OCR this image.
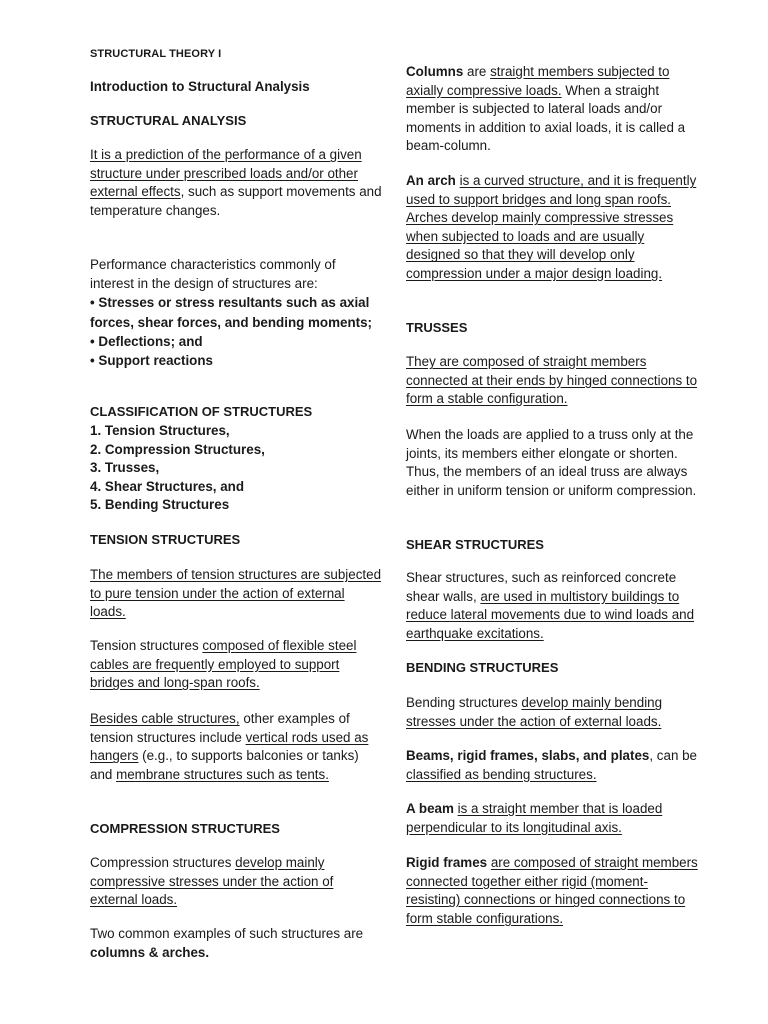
STRUCTURAL THEORY I

Introduction to Structural Analysis

STRUCTURAL ANALYSIS

It is a prediction of the performance of a given structure under prescribed loads and/or other external effects, such as support movements and temperature changes.

Performance characteristics commonly of interest in the design of structures are:

• Stresses or stress resultants such as axial forces, shear forces, and bending moments;

• Deflections; and

• Support reactions

CLASSIFICATION OF STRUCTURES

1. Tension Structures,

2. Compression Structures,

3. Trusses,

4. Shear Structures, and

5. Bending Structures

TENSION STRUCTURES

The members of tension structures are subjected to pure tension under the action of external loads.

Tension structures composed of flexible steel cables are frequently employed to support bridges and long-span roofs.

Besides cable structures, other examples of tension structures include vertical rods used as hangers (e.g., to supports balconies or tanks) and membrane structures such as tents.

COMPRESSION STRUCTURES

Compression structures develop mainly compressive stresses under the action of external loads.

Two common examples of such structures are columns & arches.

Columns are straight members subjected to axially compressive loads. When a straight member is subjected to lateral loads and/or moments in addition to axial loads, it is called a beam-column.

An arch is a curved structure, and it is frequently used to support bridges and long span roofs. Arches develop mainly compressive stresses when subjected to loads and are usually designed so that they will develop only compression under a major design loading.

TRUSSES

They are composed of straight members connected at their ends by hinged connections to form a stable configuration.

When the loads are applied to a truss only at the joints, its members either elongate or shorten. Thus, the members of an ideal truss are always either in uniform tension or uniform compression.

SHEAR STRUCTURES

Shear structures, such as reinforced concrete shear walls, are used in multistory buildings to reduce lateral movements due to wind loads and earthquake excitations.

BENDING STRUCTURES

Bending structures develop mainly bending stresses under the action of external loads.

Beams, rigid frames, slabs, and plates, can be classified as bending structures.

A beam is a straight member that is loaded perpendicular to its longitudinal axis.

Rigid frames are composed of straight members connected together either rigid (moment-resisting) connections or hinged connections to form stable configurations.
